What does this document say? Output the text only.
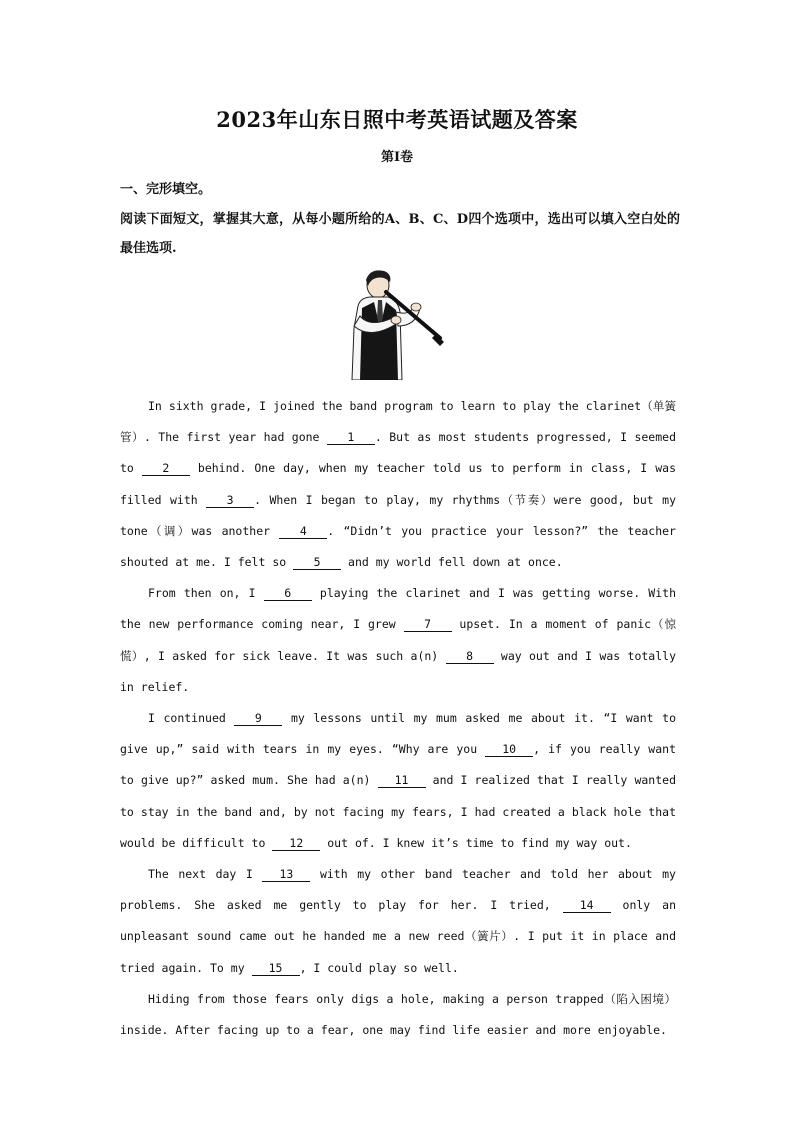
2023年山东日照中考英语试题及答案
第Ⅰ卷
一、完形填空。
阅读下面短文，掌握其大意，从每小题所给的A、B、C、D四个选项中，选出可以填入空白处的最佳选项.

In sixth grade, I joined the band program to learn to play the clarinet（单簧管）. The first year had gone 1 . But as most students progressed, I seemed to 2 behind. One day, when my teacher told us to perform in class, I was filled with 3 . When I began to play, my rhythms（节奏）were good, but my tone（调）was another 4 . “Didn’t you practice your lesson?” the teacher shouted at me. I felt so 5 and my world fell down at once.

From then on, I 6 playing the clarinet and I was getting worse. With the new performance coming near, I grew 7 upset. In a moment of panic（惊慌）, I asked for sick leave. It was such a(n) 8 way out and I was totally in relief.

I continued 9 my lessons until my mum asked me about it. “I want to give up,” said with tears in my eyes. “Why are you 10 , if you really want to give up?” asked mum. She had a(n) 11 and I realized that I really wanted to stay in the band and, by not facing my fears, I had created a black hole that would be difficult to 12 out of. I knew it’s time to find my way out.

The next day I 13 with my other band teacher and told her about my problems. She asked me gently to play for her. I tried, 14 only an unpleasant sound came out he handed me a new reed（簧片）. I put it in place and tried again. To my 15 , I could play so well.

Hiding from those fears only digs a hole, making a person trapped（陷入困境）inside. After facing up to a fear, one may find life easier and more enjoyable.
